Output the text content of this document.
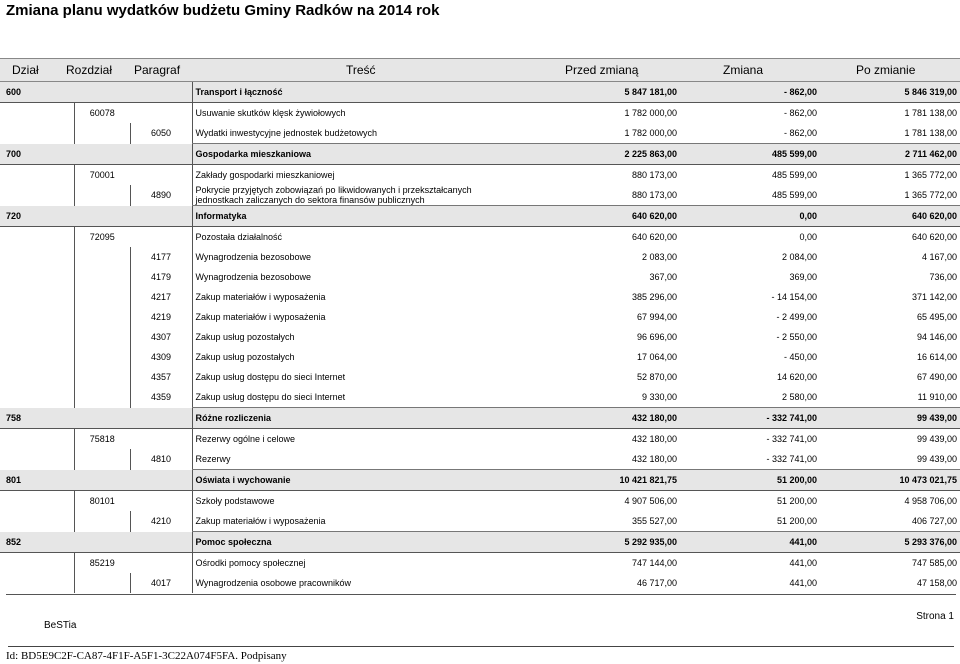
Zmiana planu wydatków budżetu Gminy Radków na 2014 rok
Dział Rozdział Paragraf	Treść	Przed zmianą	Zmiana	Po zmianie
600			Transport i łączność	5 847 181,00	- 862,00	5 846 319,00
	60078		Usuwanie skutków klęsk żywiołowych	1 782 000,00	- 862,00	1 781 138,00
		6050	Wydatki inwestycyjne jednostek budżetowych	1 782 000,00	- 862,00	1 781 138,00
700			Gospodarka mieszkaniowa	2 225 863,00	485 599,00	2 711 462,00
	70001		Zakłady gospodarki mieszkaniowej	880 173,00	485 599,00	1 365 772,00
		4890	Pokrycie przyjętych zobowiązań po likwidowanych i przekształcanych jednostkach zaliczanych do sektora finansów publicznych	880 173,00	485 599,00	1 365 772,00
720			Informatyka	640 620,00	0,00	640 620,00
	72095		Pozostała działalność	640 620,00	0,00	640 620,00
		4177	Wynagrodzenia bezosobowe	2 083,00	2 084,00	4 167,00
		4179	Wynagrodzenia bezosobowe	367,00	369,00	736,00
		4217	Zakup materiałów i wyposażenia	385 296,00	- 14 154,00	371 142,00
		4219	Zakup materiałów i wyposażenia	67 994,00	- 2 499,00	65 495,00
		4307	Zakup usług pozostałych	96 696,00	- 2 550,00	94 146,00
		4309	Zakup usług pozostałych	17 064,00	- 450,00	16 614,00
		4357	Zakup usług dostępu do sieci Internet	52 870,00	14 620,00	67 490,00
		4359	Zakup usług dostępu do sieci Internet	9 330,00	2 580,00	11 910,00
758			Różne rozliczenia	432 180,00	- 332 741,00	99 439,00
	75818		Rezerwy ogólne i celowe	432 180,00	- 332 741,00	99 439,00
		4810	Rezerwy	432 180,00	- 332 741,00	99 439,00
801			Oświata i wychowanie	10 421 821,75	51 200,00	10 473 021,75
	80101		Szkoły podstawowe	4 907 506,00	51 200,00	4 958 706,00
		4210	Zakup materiałów i wyposażenia	355 527,00	51 200,00	406 727,00
852			Pomoc społeczna	5 292 935,00	441,00	5 293 376,00
	85219		Ośrodki pomocy społecznej	747 144,00	441,00	747 585,00
		4017	Wynagrodzenia osobowe pracowników	46 717,00	441,00	47 158,00
BeSTia
Strona 1
Id: BD5E9C2F-CA87-4F1F-A5F1-3C22A074F5FA. Podpisany
